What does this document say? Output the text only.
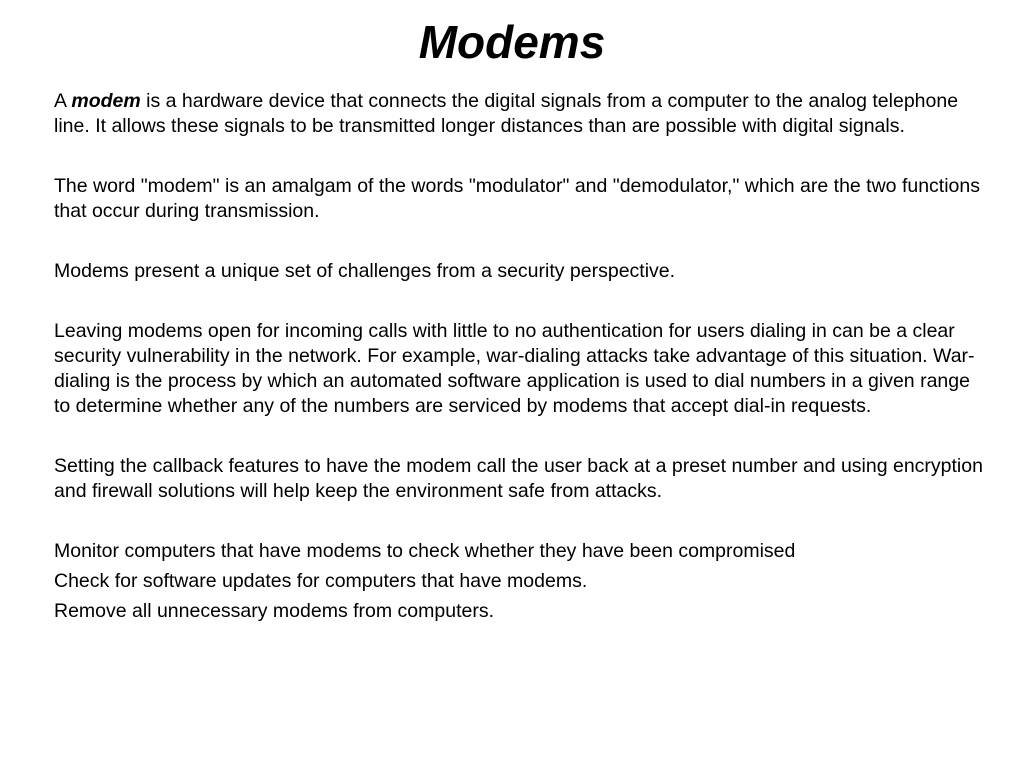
Modems

A modem is a hardware device that connects the digital signals from a computer to the analog telephone line. It allows these signals to be transmitted longer distances than are possible with digital signals.

The word "modem" is an amalgam of the words "modulator" and "demodulator," which are the two functions that occur during transmission.

Modems present a unique set of challenges from a security perspective.

Leaving modems open for incoming calls with little to no authentication for users dialing in can be a clear security vulnerability in the network. For example, war-dialing attacks take advantage of this situation. War-dialing is the process by which an automated software application is used to dial numbers in a given range to determine whether any of the numbers are serviced by modems that accept dial-in requests.

Setting the callback features to have the modem call the user back at a preset number and using encryption and firewall solutions will help keep the environment safe from attacks.

Monitor computers that have modems to check whether they have been compromised

Check for software updates for computers that have modems.

Remove all unnecessary modems from computers.
